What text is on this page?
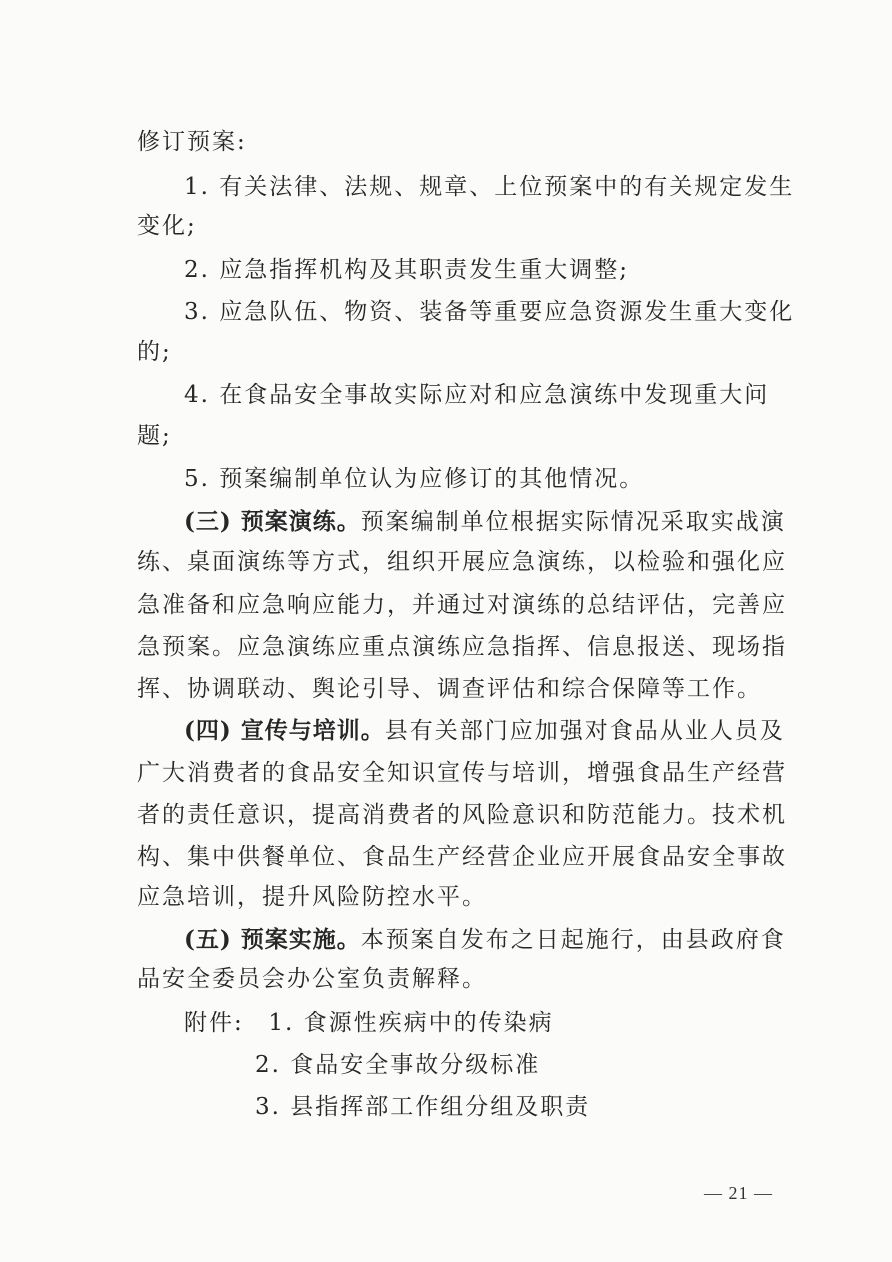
修订预案:
1. 有关法律、法规、规章、上位预案中的有关规定发生
变化;
2. 应急指挥机构及其职责发生重大调整;
3. 应急队伍、物资、装备等重要应急资源发生重大变化
的;
4. 在食品安全事故实际应对和应急演练中发现重大问
题;
5. 预案编制单位认为应修订的其他情况。
(三) 预案演练。预案编制单位根据实际情况采取实战演
练、桌面演练等方式，组织开展应急演练，以检验和强化应
急准备和应急响应能力，并通过对演练的总结评估，完善应
急预案。应急演练应重点演练应急指挥、信息报送、现场指
挥、协调联动、舆论引导、调查评估和综合保障等工作。
(四) 宣传与培训。县有关部门应加强对食品从业人员及
广大消费者的食品安全知识宣传与培训，增强食品生产经营
者的责任意识，提高消费者的风险意识和防范能力。技术机
构、集中供餐单位、食品生产经营企业应开展食品安全事故
应急培训，提升风险防控水平。
(五) 预案实施。本预案自发布之日起施行，由县政府食
品安全委员会办公室负责解释。
附件: 1. 食源性疾病中的传染病
2. 食品安全事故分级标准
3. 县指挥部工作组分组及职责
— 21 —
